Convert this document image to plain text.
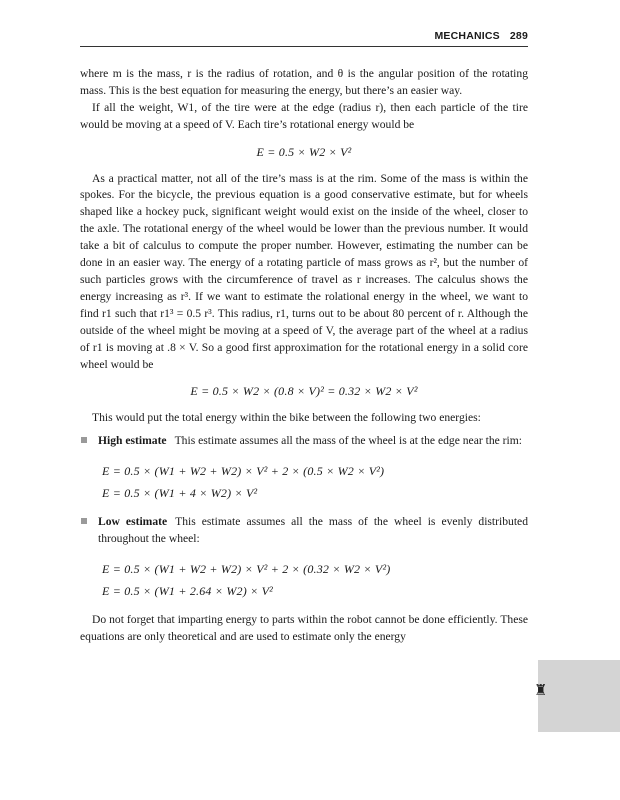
MECHANICS 289

where m is the mass, r is the radius of rotation, and θ is the angular position of the rotating mass. This is the best equation for measuring the energy, but there’s an easier way.

If all the weight, W1, of the tire were at the edge (radius r), then each particle of the tire would be moving at a speed of V. Each tire’s rotational energy would be

E = 0.5 × W2 × V²

As a practical matter, not all of the tire’s mass is at the rim. Some of the mass is within the spokes. For the bicycle, the previous equation is a good conservative estimate, but for wheels shaped like a hockey puck, significant weight would exist on the inside of the wheel, closer to the axle. The rotational energy of the wheel would be lower than the previous number. It would take a bit of calculus to compute the proper number. However, estimating the number can be done in an easier way. The energy of a rotating particle of mass grows as r², but the number of such particles grows with the circumference of travel as r increases. The calculus shows the energy increasing as r³. If we want to estimate the rolational energy in the wheel, we want to find r1 such that r1³ = 0.5 r³. This radius, r1, turns out to be about 80 percent of r. Although the outside of the wheel might be moving at a speed of V, the average part of the wheel at a radius of r1 is moving at .8 × V. So a good first approximation for the rotational energy in a solid core wheel would be

E = 0.5 × W2 × (0.8 × V)² = 0.32 × W2 × V²

This would put the total energy within the bike between the following two energies:

High estimate This estimate assumes all the mass of the wheel is at the edge near the rim:

E = 0.5 × (W1 + W2 + W2) × V² + 2 × (0.5 × W2 × V²)
E = 0.5 × (W1 + 4 × W2) × V²

Low estimate This estimate assumes all the mass of the wheel is evenly distributed throughout the wheel:

E = 0.5 × (W1 + W2 + W2) × V² + 2 × (0.32 × W2 × V²)
E = 0.5 × (W1 + 2.64 × W2) × V²

Do not forget that imparting energy to parts within the robot cannot be done efficiently. These equations are only theoretical and are used to estimate only the energy

♜
